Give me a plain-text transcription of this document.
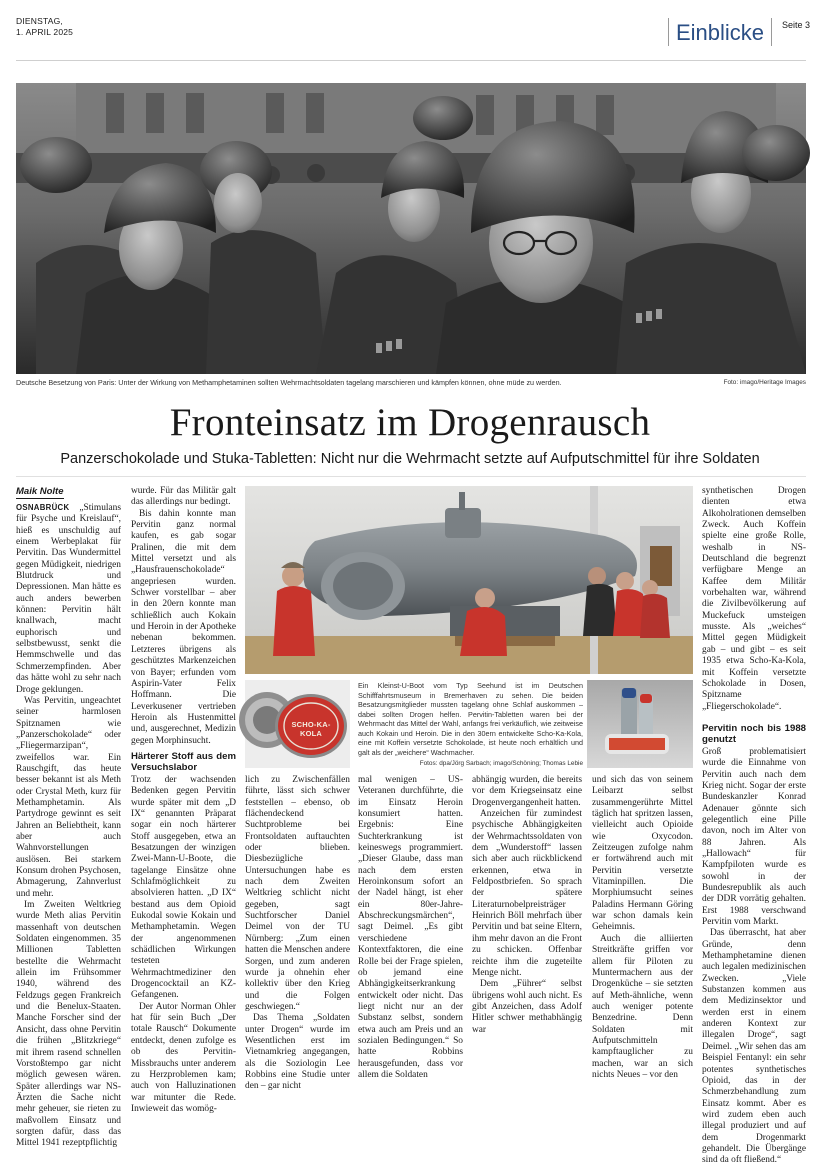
DIENSTAG,
1. APRIL 2025	Einblicke Seite 3
Deutsche Besetzung von Paris: Unter der Wirkung von Methamphetaminen sollten Wehrmachtsoldaten tagelang marschieren und kämpfen können, ohne müde zu werden.	Foto: imago/Heritage Images
Fronteinsatz im Drogenrausch
Panzerschokolade und Stuka-Tabletten: Nicht nur die Wehrmacht setzte auf Aufputschmittel für ihre Soldaten
Maik Nolte

OSNABRÜCK „Stimulans für Psyche und Kreislauf“, hieß es unschuldig auf einem Werbeplakat für Pervitin. Das Wundermittel gegen Müdigkeit, niedrigen Blutdruck und Depressionen. Man hätte es auch anders bewerben können: Pervitin hält knallwach, macht euphorisch und selbstbewusst, senkt die Hemmschwelle und das Schmerzempfinden. Aber das hätte wohl zu sehr nach Droge geklungen.

Was Pervitin, ungeachtet seiner harmlosen Spitznamen wie „Panzerschokolade“ oder „Fliegermarzipan“, zweifellos war. Ein Rauschgift, das heute besser bekannt ist als Meth oder Crystal Meth, kurz für Methamphetamin. Als Partydroge gewinnt es seit Jahren an Beliebtheit, kann aber auch Wahnvorstellungen auslösen. Bei starkem Konsum drohen Psychosen, Abmagerung, Zahnverlust und mehr.

Im Zweiten Weltkrieg wurde Meth alias Pervitin massenhaft von deutschen Soldaten eingenommen. 35 Millionen Tabletten bestellte die Wehrmacht allein im Frühsommer 1940, während des Feldzugs gegen Frankreich und die Benelux-Staaten. Manche Forscher sind der Ansicht, dass ohne Pervitin die frühen „Blitzkriege“ mit ihrem rasend schnellen Vorstoßtempo gar nicht möglich gewesen wären. Später allerdings war NS-Ärzten die Sache nicht mehr geheuer, sie rieten zu maßvollem Einsatz und sorgten dafür, dass das Mittel 1941 rezeptpflichtig

wurde. Für das Militär galt das allerdings nur bedingt.

Bis dahin konnte man Pervitin ganz normal kaufen, es gab sogar Pralinen, die mit dem Mittel versetzt und als „Hausfrauenschokolade“ angepriesen wurden. Schwer vorstellbar – aber in den 20ern konnte man schließlich auch Kokain und Heroin in der Apotheke nebenan bekommen. Letzteres übrigens als geschütztes Markenzeichen von Bayer; erfunden vom Aspirin-Vater Felix Hoffmann. Die Leverkusener vertrieben Heroin als Hustenmittel und, ausgerechnet, Medizin gegen Morphinsucht.

Härterer Stoff aus dem Versuchslabor

Trotz der wachsenden Bedenken gegen Pervitin wurde später mit dem „D IX“ genannten Präparat sogar ein noch härterer Stoff ausgegeben, etwa an Besatzungen der winzigen Zwei-Mann-U-Boote, die tagelange Einsätze ohne Schlafmöglichkeit zu absolvieren hatten. „D IX“ bestand aus dem Opioid Eukodal sowie Kokain und Methamphetamin. Wegen der angenommenen schädlichen Wirkungen testeten Wehrmachtmediziner den Drogencocktail an KZ-Gefangenen.

Der Autor Norman Ohler hat für sein Buch „Der totale Rausch“ Dokumente entdeckt, denen zufolge es ob des Pervitin-Missbrauchs unter anderem zu Herzproblemen kam; auch von Halluzinationen war mitunter die Rede. Inwieweit das womög-

SCHO-KA-KOLA
Ein Kleinst-U-Boot vom Typ Seehund ist im Deutschen Schifffahrtsmuseum in Bremerhaven zu sehen. Die beiden Besatzungsmitglieder mussten tagelang ohne Schlaf auskommen – dabei sollten Drogen helfen. Pervitin-Tabletten waren bei der Wehrmacht das Mittel der Wahl, anfangs frei verkäuflich, wie zeitweise auch Kokain und Heroin. Die in den 30ern entwickelte Scho-Ka-Kola, eine mit Koffein versetzte Schokolade, ist heute noch erhältlich und galt als der „weichere“ Wachmacher.
Fotos: dpa/Jörg Sarbach; imago/Schöning; Thomas Lebie

lich zu Zwischenfällen führte, lässt sich schwer feststellen – ebenso, ob flächendeckend Suchtprobleme bei Frontsoldaten auftauchten oder blieben. Diesbezügliche Untersuchungen habe es nach dem Zweiten Weltkrieg schlicht nicht gegeben, sagt Suchtforscher Daniel Deimel von der TU Nürnberg: „Zum einen hatten die Menschen andere Sorgen, und zum anderen wurde ja ohnehin eher kollektiv über den Krieg und die Folgen geschwiegen.“

Das Thema „Soldaten unter Drogen“ wurde im Wesentlichen erst im Vietnamkrieg angegangen, als die Soziologin Lee Robbins eine Studie unter den – gar nicht

mal wenigen – US-Veteranen durchführte, die im Einsatz Heroin konsumiert hatten. Ergebnis: Eine Suchterkrankung ist keineswegs programmiert. „Dieser Glaube, dass man nach dem ersten Heroinkonsum sofort an der Nadel hängt, ist eher ein 80er-Jahre-Abschreckungsmärchen“, sagt Deimel. „Es gibt verschiedene Kontextfaktoren, die eine Rolle bei der Frage spielen, ob jemand eine Abhängigkeitserkrankung entwickelt oder nicht. Das liegt nicht nur an der Substanz selbst, sondern etwa auch am Preis und an sozialen Bedingungen.“ So hatte Robbins herausgefunden, dass vor allem die Soldaten

abhängig wurden, die bereits vor dem Kriegseinsatz eine Drogenvergangenheit hatten.

Anzeichen für zumindest psychische Abhängigkeiten der Wehrmachtssoldaten von dem „Wunderstoff“ lassen sich aber auch rückblickend erkennen, etwa in Feldpostbriefen. So sprach der spätere Literaturnobelpreisträger Heinrich Böll mehrfach über Pervitin und bat seine Eltern, ihm mehr davon an die Front zu schicken. Offenbar reichte ihm die zugeteilte Menge nicht.

Dem „Führer“ selbst übrigens wohl auch nicht. Es gibt Anzeichen, dass Adolf Hitler schwer methabhängig war

und sich das von seinem Leibarzt selbst zusammengerührte Mittel täglich hat spritzen lassen, vielleicht auch Opioide wie Oxycodon. Zeitzeugen zufolge nahm er fortwährend auch mit Pervitin versetzte Vitaminpillen. Die Morphiumsucht seines Paladins Hermann Göring war schon damals kein Geheimnis.

Auch die alliierten Streitkräfte griffen vor allem für Piloten zu Muntermachern aus der Drogenküche – sie setzten auf Meth-ähnliche, wenn auch weniger potente Benzedrine. Denn Soldaten mit Aufputschmitteln kampftauglicher zu machen, war an sich nichts Neues – vor den

synthetischen Drogen dienten etwa Alkoholrationen demselben Zweck. Auch Koffein spielte eine große Rolle, weshalb in NS-Deutschland die begrenzt verfügbare Menge an Kaffee dem Militär vorbehalten war, während die Zivilbevölkerung auf Muckefuck umsteigen musste. Als „weiches“ Mittel gegen Müdigkeit gab – und gibt – es seit 1935 etwa Scho-Ka-Kola, mit Koffein versetzte Schokolade in Dosen, Spitzname „Fliegerschokolade“.

Pervitin noch bis 1988 genutzt

Groß problematisiert wurde die Einnahme von Pervitin auch nach dem Krieg nicht. Sogar der erste Bundeskanzler Konrad Adenauer gönnte sich gelegentlich eine Pille davon, noch im Alter von 88 Jahren. Als „Hallowach“ für Kampfpiloten wurde es sowohl in der Bundesrepublik als auch der DDR vorrätig gehalten. Erst 1988 verschwand Pervitin vom Markt.

Das überrascht, hat aber Gründe, denn Methamphetamine dienen auch legalen medizinischen Zwecken. „Viele Substanzen kommen aus dem Medizinsektor und werden erst in einem anderen Kontext zur illegalen Droge“, sagt Deimel. „Wir sehen das am Beispiel Fentanyl: ein sehr potentes synthetisches Opioid, das in der Schmerzbehandlung zum Einsatz kommt. Aber es wird zudem eben auch illegal produziert und auf dem Drogenmarkt gehandelt. Die Übergänge sind da oft fließend.“
